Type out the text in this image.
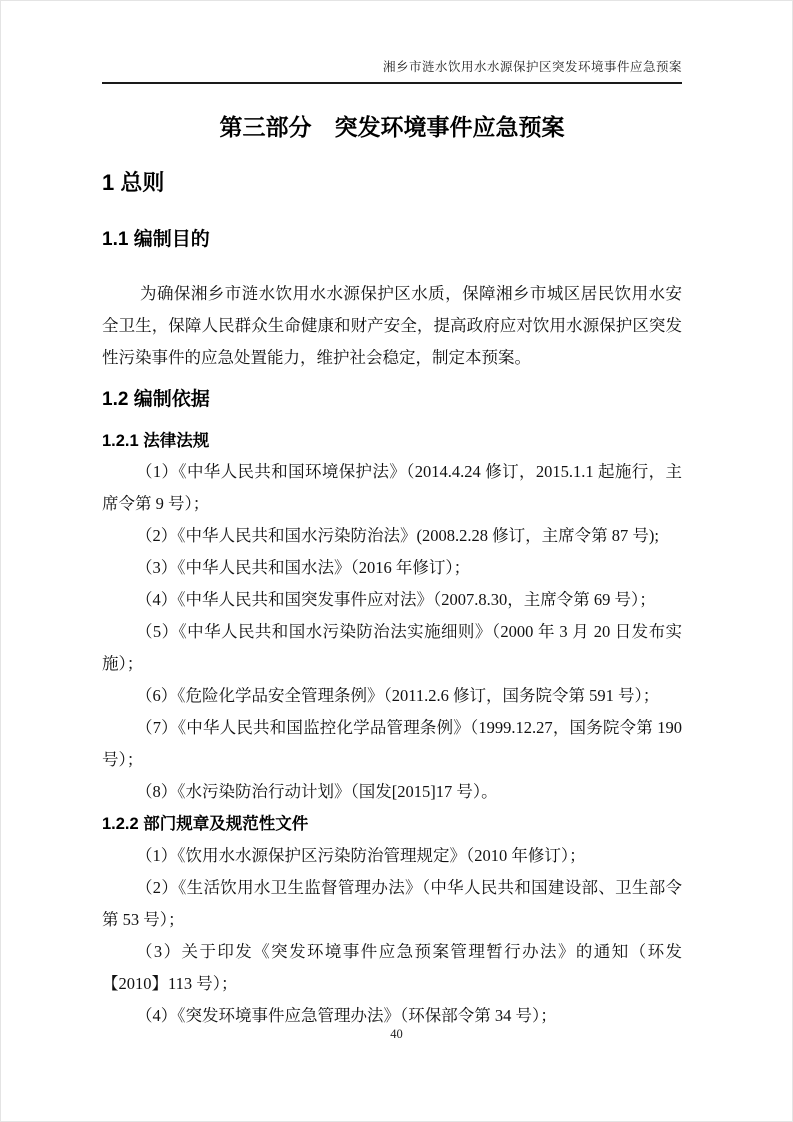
湘乡市涟水饮用水水源保护区突发环境事件应急预案
第三部分　突发环境事件应急预案
1 总则
1.1 编制目的

为确保湘乡市涟水饮用水水源保护区水质，保障湘乡市城区居民饮用水安全卫生，保障人民群众生命健康和财产安全，提高政府应对饮用水源保护区突发性污染事件的应急处置能力，维护社会稳定，制定本预案。

1.2 编制依据
1.2.1 法律法规

（1）《中华人民共和国环境保护法》（2014.4.24 修订，2015.1.1 起施行，主席令第 9 号）；

（2）《中华人民共和国水污染防治法》(2008.2.28 修订，主席令第 87 号);

（3）《中华人民共和国水法》（2016 年修订）；

（4）《中华人民共和国突发事件应对法》（2007.8.30，主席令第 69 号）；

（5）《中华人民共和国水污染防治法实施细则》（2000 年 3 月 20 日发布实施）；

（6）《危险化学品安全管理条例》（2011.2.6 修订，国务院令第 591 号）；

（7）《中华人民共和国监控化学品管理条例》（1999.12.27，国务院令第 190 号）；

（8）《水污染防治行动计划》（国发[2015]17 号）。

1.2.2 部门规章及规范性文件

（1）《饮用水水源保护区污染防治管理规定》（2010 年修订）；

（2）《生活饮用水卫生监督管理办法》（中华人民共和国建设部、卫生部令第 53 号）；

（3）关于印发《突发环境事件应急预案管理暂行办法》的通知（环发【2010】113 号）；

（4）《突发环境事件应急管理办法》（环保部令第 34 号）；

40
